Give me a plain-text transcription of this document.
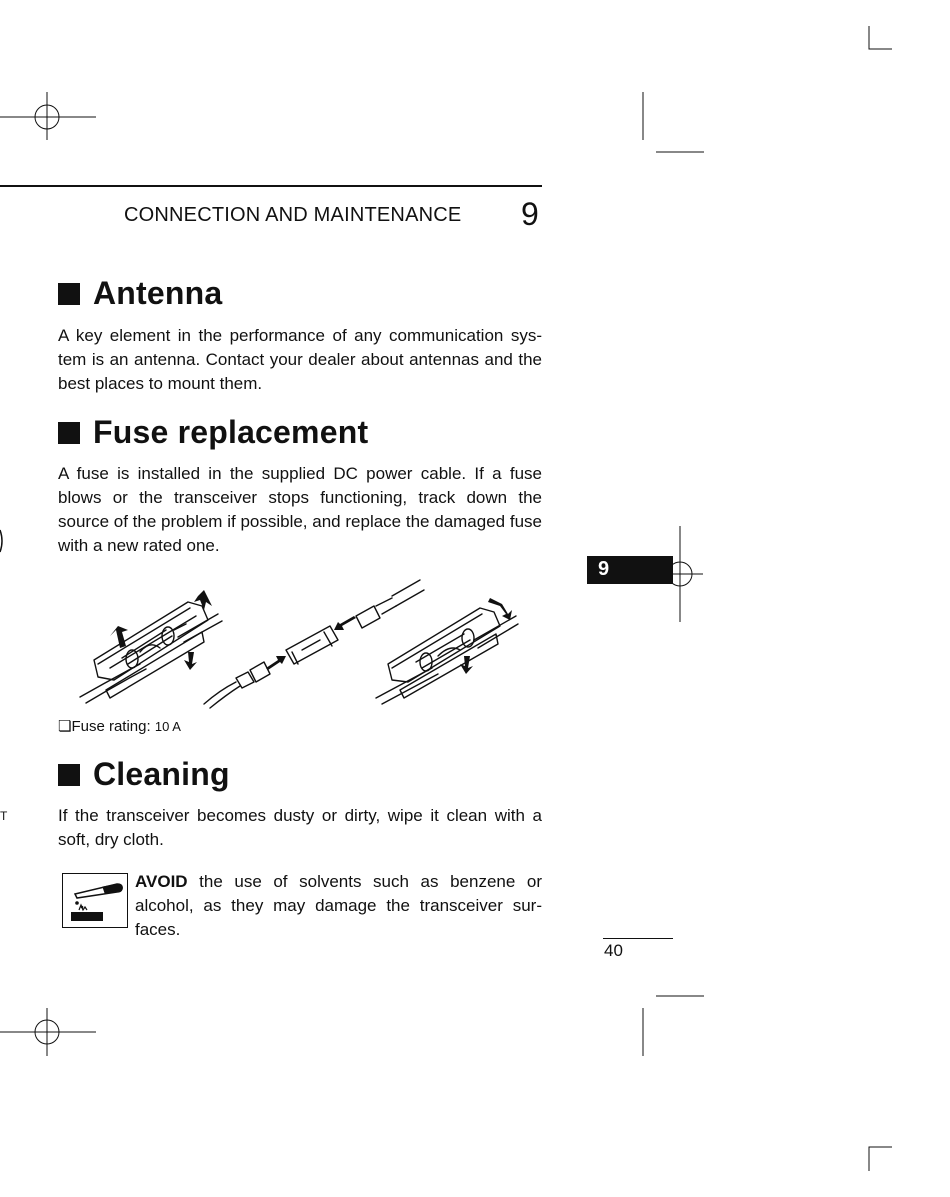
CONNECTION AND MAINTENANCE 9
Antenna
A key element in the performance of any communication sys-tem is an antenna. Contact your dealer about antennas and the best places to mount them.
Fuse replacement
A fuse is installed in the supplied DC power cable. If a fuse blows or the transceiver stops functioning, track down the source of the problem if possible, and replace the damaged fuse with a new rated one.
9
❏Fuse rating: 10 A
Cleaning
If the transceiver becomes dusty or dirty, wipe it clean with a soft, dry cloth.
AVOID the use of solvents such as benzene or alcohol, as they may damage the transceiver sur-faces.
40
T
